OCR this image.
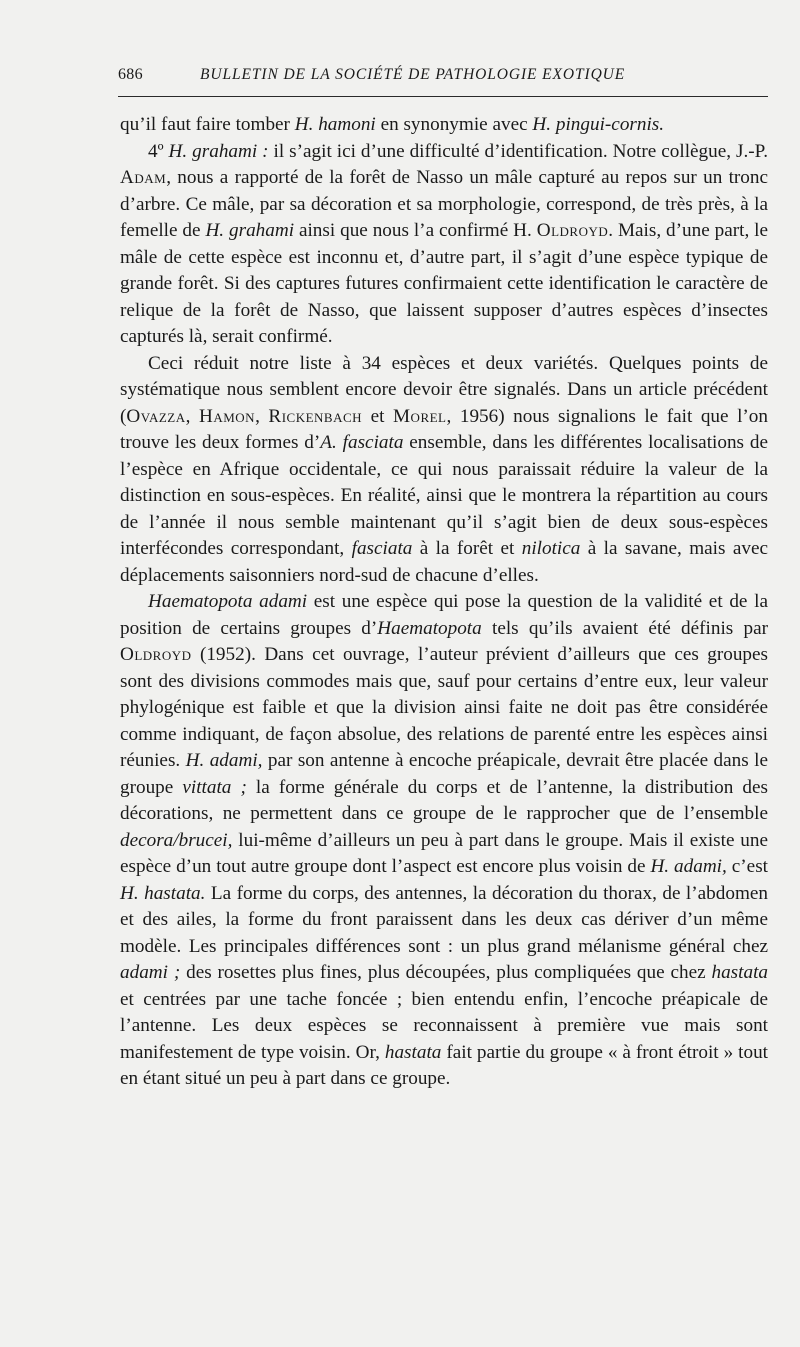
686	BULLETIN DE LA SOCIÉTÉ DE PATHOLOGIE EXOTIQUE

qu’il faut faire tomber H. hamoni en synonymie avec H. pingui-cornis.

4º H. grahami : il s’agit ici d’une difficulté d’identification. Notre collègue, J.-P. Adam, nous a rapporté de la forêt de Nasso un mâle capturé au repos sur un tronc d’arbre. Ce mâle, par sa décoration et sa morphologie, correspond, de très près, à la femelle de H. grahami ainsi que nous l’a confirmé H. Oldroyd. Mais, d’une part, le mâle de cette espèce est inconnu et, d’autre part, il s’agit d’une espèce typique de grande forêt. Si des captures futures confirmaient cette identification le caractère de relique de la forêt de Nasso, que laissent supposer d’autres espèces d’insectes capturés là, serait confirmé.

Ceci réduit notre liste à 34 espèces et deux variétés. Quelques points de systématique nous semblent encore devoir être signalés. Dans un article précédent (Ovazza, Hamon, Rickenbach et Morel, 1956) nous signalions le fait que l’on trouve les deux formes d’A. fasciata ensemble, dans les différentes localisations de l’espèce en Afrique occidentale, ce qui nous paraissait réduire la valeur de la distinction en sous-espèces. En réalité, ainsi que le montrera la répartition au cours de l’année il nous semble maintenant qu’il s’agit bien de deux sous-espèces interfécondes correspondant, fasciata à la forêt et nilotica à la savane, mais avec déplacements saisonniers nord-sud de chacune d’elles.

Haematopota adami est une espèce qui pose la question de la validité et de la position de certains groupes d’Haematopota tels qu’ils avaient été définis par Oldroyd (1952). Dans cet ouvrage, l’auteur prévient d’ailleurs que ces groupes sont des divisions commodes mais que, sauf pour certains d’entre eux, leur valeur phylogénique est faible et que la division ainsi faite ne doit pas être considérée comme indiquant, de façon absolue, des relations de parenté entre les espèces ainsi réunies. H. adami, par son antenne à encoche préapicale, devrait être placée dans le groupe vittata ; la forme générale du corps et de l’antenne, la distribution des décorations, ne permettent dans ce groupe de le rapprocher que de l’ensemble decora/brucei, lui-même d’ailleurs un peu à part dans le groupe. Mais il existe une espèce d’un tout autre groupe dont l’aspect est encore plus voisin de H. adami, c’est H. hastata. La forme du corps, des antennes, la décoration du thorax, de l’abdomen et des ailes, la forme du front paraissent dans les deux cas dériver d’un même modèle. Les principales différences sont : un plus grand mélanisme général chez adami ; des rosettes plus fines, plus découpées, plus compliquées que chez hastata et centrées par une tache foncée ; bien entendu enfin, l’encoche préapicale de l’antenne. Les deux espèces se reconnaissent à première vue mais sont manifestement de type voisin. Or, hastata fait partie du groupe « à front étroit » tout en étant situé un peu à part dans ce groupe.
